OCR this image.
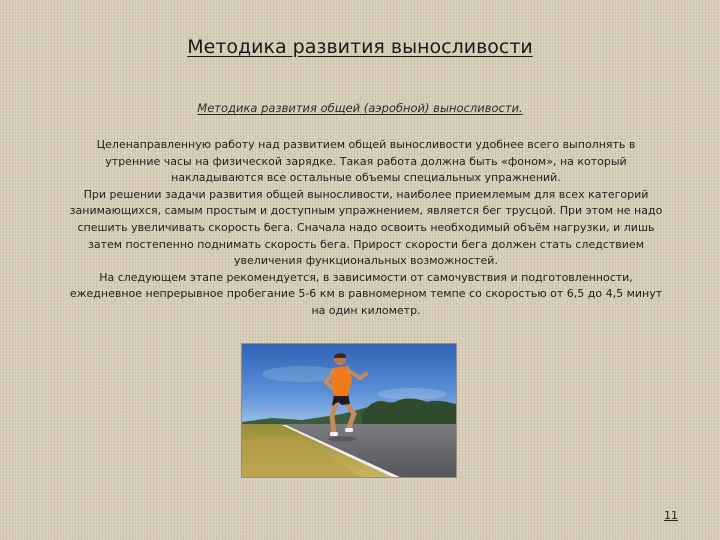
Методика развития выносливости
Методика развития общей (аэробной) выносливости.

Целенаправленную работу над развитием общей выносливости удобнее всего выполнять в утренние часы на физической зарядке. Такая работа должна быть «фоном», на который накладываются все остальные объемы специальных упражнений.

При решении задачи развития общей выносливости, наиболее приемлемым для всех категорий занимающихся, самым простым и доступным упражнением, является бег трусцой. При этом не надо спешить увеличивать скорость бега. Сначала надо освоить необходимый объём нагрузки, и лишь затем постепенно поднимать скорость бега. Прирост скорости бега должен стать следствием увеличения функциональных возможностей.

На следующем этапе рекомендуется, в зависимости от самочувствия и подготовленности, ежедневное непрерывное пробегание 5-6 км в равномерном темпе со скоростью от 6,5 до 4,5 минут на один километр.

11
